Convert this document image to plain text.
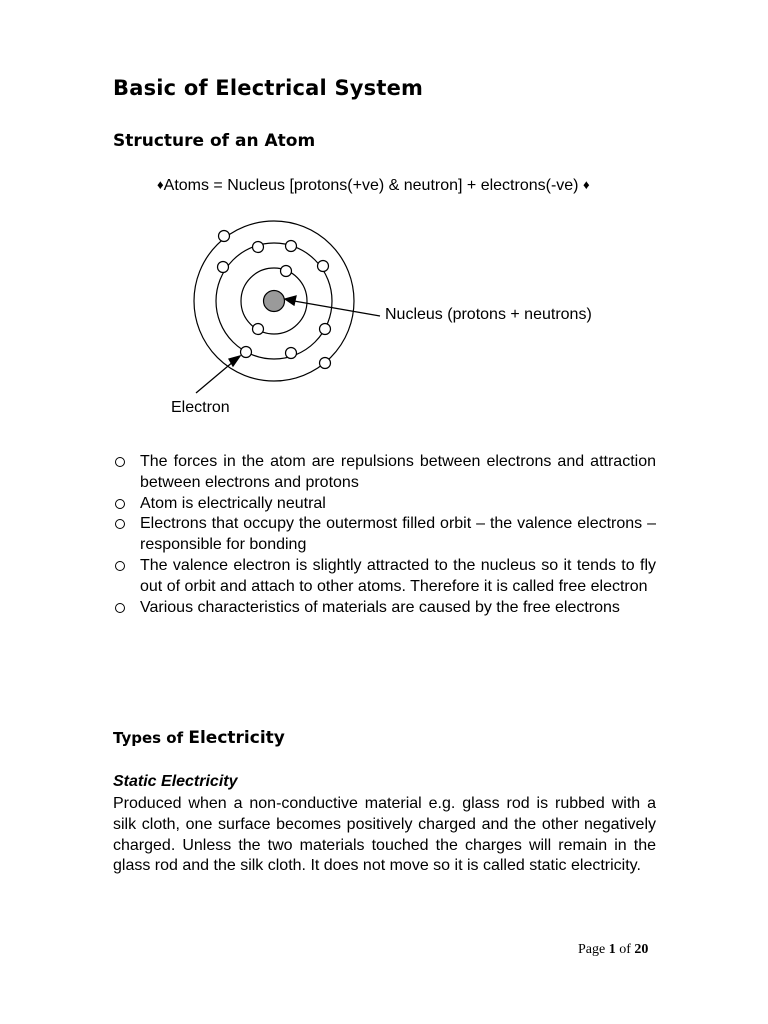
Basic of Electrical System
Structure of an Atom

♦Atoms = Nucleus [protons(+ve) & neutron] + electrons(-ve) ♦

Nucleus (protons + neutrons)
Electron
The forces in the atom are repulsions between electrons and attraction between electrons and protons
Atom is electrically neutral
Electrons that occupy the outermost filled orbit – the valence electrons – responsible for bonding
The valence electron is slightly attracted to the nucleus so it tends to fly out of orbit and attach to other atoms. Therefore it is called free electron
Various characteristics of materials are caused by the free electrons
Types of Electricity
Static Electricity

Produced when a non-conductive material e.g. glass rod is rubbed with a silk cloth, one surface becomes positively charged and the other negatively charged. Unless the two materials touched the charges will remain in the glass rod and the silk cloth. It does not move so it is called static electricity.

Page 1 of 20
